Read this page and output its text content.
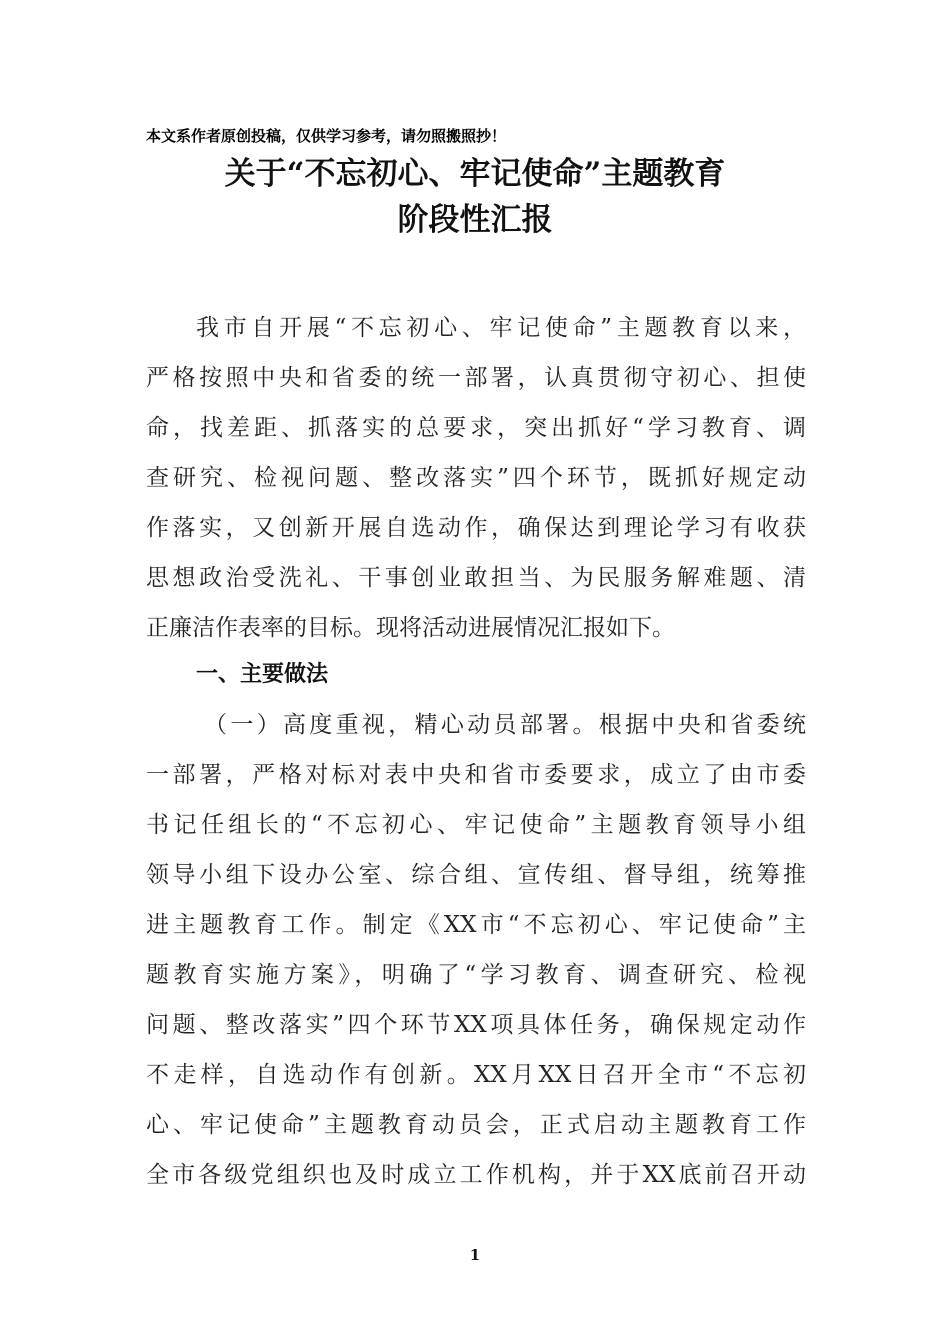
本文系作者原创投稿，仅供学习参考，请勿照搬照抄！
关于“不忘初心、牢记使命”主题教育
阶段性汇报
我市自开展“不忘初心、牢记使命”主题教育以来，
严格按照中央和省委的统一部署，认真贯彻守初心、担使
命，找差距、抓落实的总要求，突出抓好“学习教育、调
查研究、检视问题、整改落实”四个环节，既抓好规定动
作落实，又创新开展自选动作，确保达到理论学习有收获
思想政治受洗礼、干事创业敢担当、为民服务解难题、清
正廉洁作表率的目标。现将活动进展情况汇报如下。
一、主要做法
（一）高度重视，精心动员部署。根据中央和省委统
一部署，严格对标对表中央和省市委要求，成立了由市委
书记任组长的“不忘初心、牢记使命”主题教育领导小组
领导小组下设办公室、综合组、宣传组、督导组，统筹推
进主题教育工作。制定《XX市“不忘初心、牢记使命”主
题教育实施方案》，明确了“学习教育、调查研究、检视
问题、整改落实”四个环节XX项具体任务，确保规定动作
不走样，自选动作有创新。XX月XX日召开全市“不忘初
心、牢记使命”主题教育动员会，正式启动主题教育工作
全市各级党组织也及时成立工作机构，并于XX底前召开动
1
